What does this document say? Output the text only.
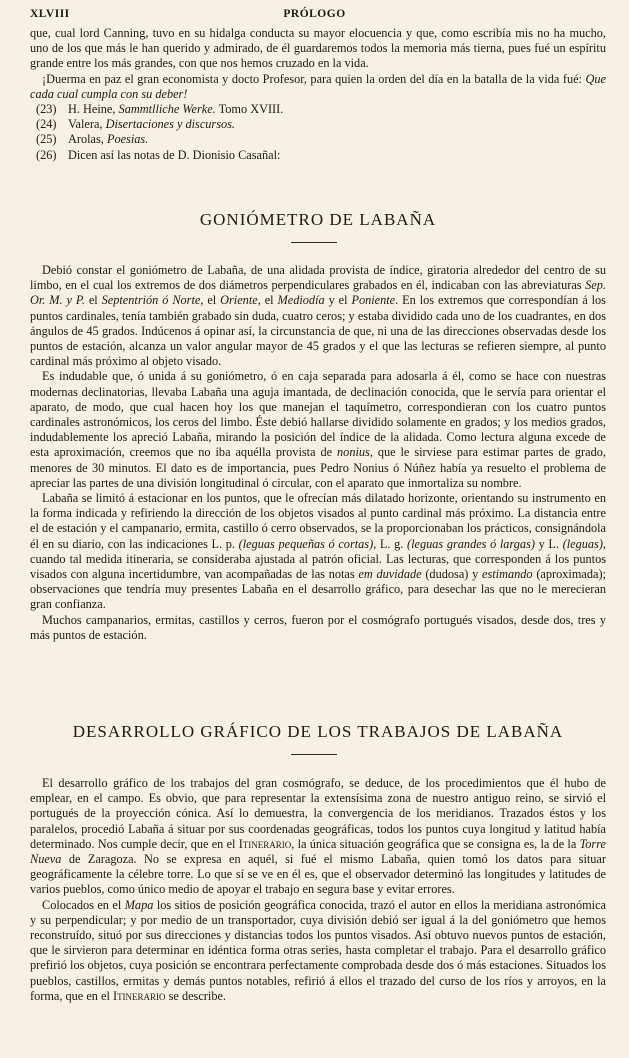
XLVIII	PRÓLOGO

que, cual lord Canning, tuvo en su hidalga conducta su mayor elocuencia y que, como escribía mis no ha mucho, uno de los que más le han querido y admirado, de él guardaremos todos la memoria más tierna, pues fué un espíritu grande entre los más grandes, con que nos hemos cruzado en la vida.

¡Duerma en paz el gran economista y docto Profesor, para quien la orden del día en la batalla de la vida fué: Que cada cual cumpla con su deber!

(23) H. Heine, Sammtlliche Werke. Tomo XVIII.
(24) Valera, Disertaciones y discursos.
(25) Arolas, Poesias.
(26) Dicen así las notas de D. Dionisio Casañal:
GONIÓMETRO DE LABAÑA

Debió constar el goniómetro de Labaña, de una alidada provista de índice, giratoria alrededor del centro de su limbo, en el cual los extremos de dos diámetros perpendiculares grabados en él, indicaban con las abreviaturas Sep. Or. M. y P. el Septentrión ó Norte, el Oriente, el Mediodía y el Poniente. En los extremos que correspondían á los puntos cardinales, tenía también grabado sin duda, cuatro ceros; y estaba dividido cada uno de los cuadrantes, en dos ángulos de 45 grados. Indúcenos á opinar así, la circunstancia de que, ni una de las direcciones observadas desde los puntos de estación, alcanza un valor angular mayor de 45 grados y el que las lecturas se refieren siempre, al punto cardinal más próximo al objeto visado.

Es indudable que, ó unida á su goniómetro, ó en caja separada para adosarla á él, como se hace con nuestras modernas declinatorias, llevaba Labaña una aguja imantada, de declinación conocida, que le servía para orientar el aparato, de modo, que cual hacen hoy los que manejan el taquímetro, correspondieran con los cuatro puntos cardinales astronómicos, los ceros del limbo. Éste debió hallarse dividido solamente en grados; y los medios grados, indudablemente los apreció Labaña, mirando la posición del índice de la alidada. Como lectura alguna excede de esta aproximación, creemos que no iba aquélla provista de nonius, que le sirviese para estimar partes de grado, menores de 30 minutos. El dato es de importancia, pues Pedro Nonius ó Núñez había ya resuelto el problema de apreciar las partes de una división longitudinal ó circular, con el aparato que inmortaliza su nombre.

Labaña se limitó á estacionar en los puntos, que le ofrecían más dilatado horizonte, orientando su instrumento en la forma indicada y refiriendo la dirección de los objetos visados al punto cardinal más próximo. La distancia entre el de estación y el campanario, ermita, castillo ó cerro observados, se la proporcionaban los prácticos, consignándola él en su diario, con las indicaciones L. p. (leguas pequeñas ó cortas), L. g. (leguas grandes ó largas) y L. (leguas), cuando tal medida itineraria, se consideraba ajustada al patrón oficial. Las lecturas, que corresponden á los puntos visados con alguna incertidumbre, van acompañadas de las notas em duvidade (dudosa) y estimando (aproximada); observaciones que tendría muy presentes Labaña en el desarrollo gráfico, para desechar las que no le merecieran gran confianza.

Muchos campanarios, ermitas, castillos y cerros, fueron por el cosmógrafo portugués visados, desde dos, tres y más puntos de estación.

DESARROLLO GRÁFICO DE LOS TRABAJOS DE LABAÑA

El desarrollo gráfico de los trabajos del gran cosmógrafo, se deduce, de los procedimientos que él hubo de emplear, en el campo. Es obvio, que para representar la extensísima zona de nuestro antiguo reino, se sirvió el portugués de la proyección cónica. Así lo demuestra, la convergencia de los meridianos. Trazados éstos y los paralelos, procedió Labaña á situar por sus coordenadas geográficas, todos los puntos cuya longitud y latitud había determinado. Nos cumple decir, que en el Itinerario, la única situación geográfica que se consigna es, la de la Torre Nueva de Zaragoza. No se expresa en aquél, si fué el mismo Labaña, quien tomó los datos para situar geográficamente la célebre torre. Lo que sí se ve en él es, que el observador determinó las longitudes y latitudes de varios pueblos, como único medio de apoyar el trabajo en segura base y evitar errores.

Colocados en el Mapa los sitios de posición geográfica conocida, trazó el autor en ellos la meridiana astronómica y su perpendicular; y por medio de un transportador, cuya división debió ser igual á la del goniómetro que hemos reconstruído, situó por sus direcciones y distancias todos los puntos visados. Así obtuvo nuevos puntos de estación, que le sirvieron para determinar en idéntica forma otras series, hasta completar el trabajo. Para el desarrollo gráfico prefirió los objetos, cuya posición se encontrara perfectamente comprobada desde dos ó más estaciones. Situados los pueblos, castillos, ermitas y demás puntos notables, refirió á ellos el trazado del curso de los ríos y arroyos, en la forma, que en el Itinerario se describe.
